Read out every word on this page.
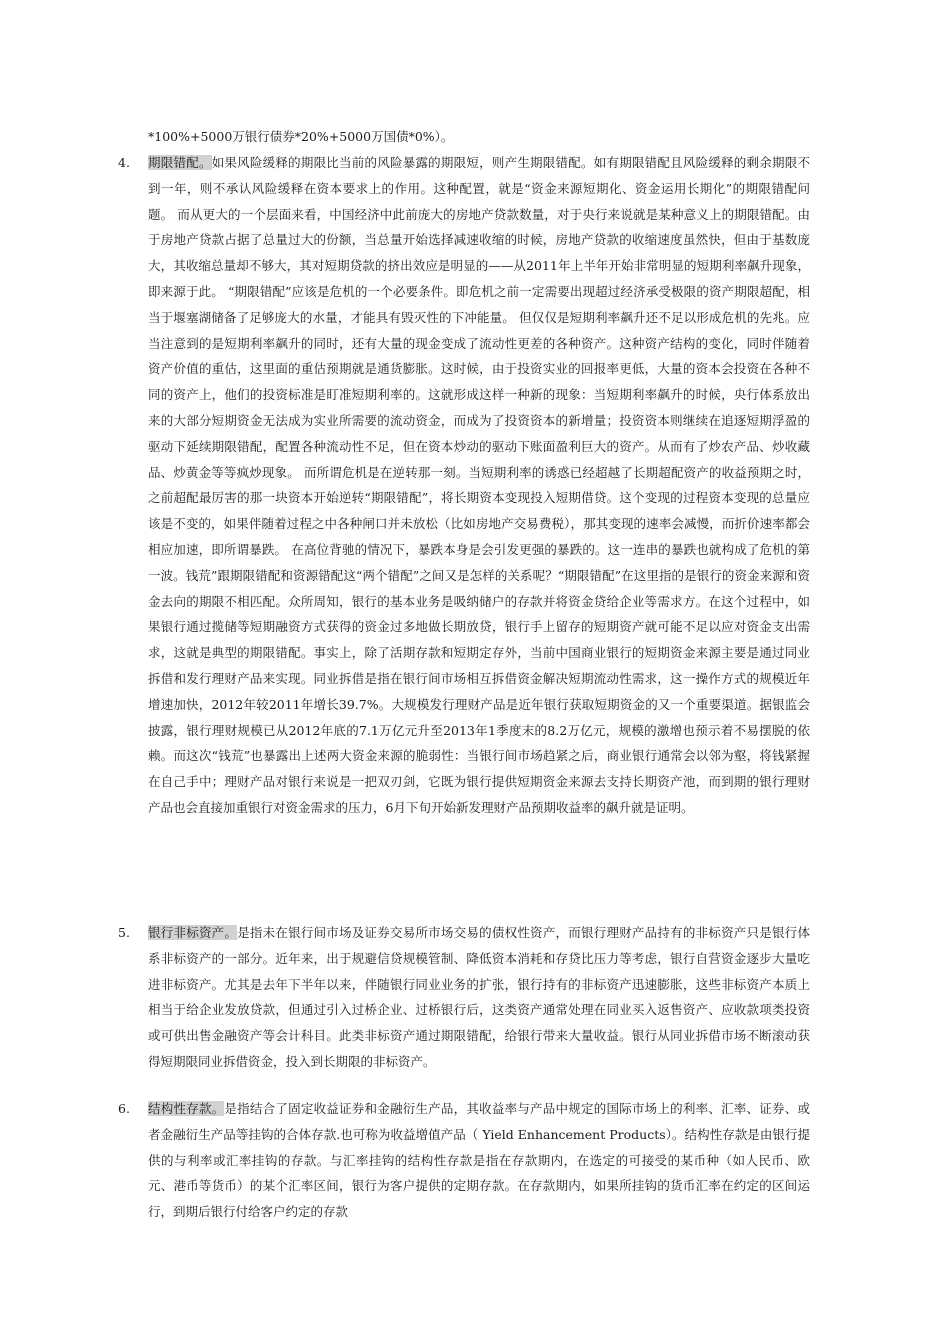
*100%+5000万银行债券*20%+5000万国债*0%）。
4. 期限错配。如果风险缓释的期限比当前的风险暴露的期限短，则产生期限错配。如有期限错配且风险缓释的剩余期限不到一年，则不承认风险缓释在资本要求上的作用。这种配置，就是“资金来源短期化、资金运用长期化”的期限错配问题。 而从更大的一个层面来看，中国经济中此前庞大的房地产贷款数量，对于央行来说就是某种意义上的期限错配。由于房地产贷款占据了总量过大的份额，当总量开始选择减速收缩的时候，房地产贷款的收缩速度虽然快，但由于基数庞大，其收缩总量却不够大，其对短期贷款的挤出效应是明显的——从2011年上半年开始非常明显的短期利率飙升现象，即来源于此。 “期限错配”应该是危机的一个必要条件。即危机之前一定需要出现超过经济承受极限的资产期限超配，相当于堰塞湖储备了足够庞大的水量，才能具有毁灭性的下冲能量。 但仅仅是短期利率飙升还不足以形成危机的先兆。应当注意到的是短期利率飙升的同时，还有大量的现金变成了流动性更差的各种资产。这种资产结构的变化，同时伴随着资产价值的重估，这里面的重估预期就是通货膨胀。这时候，由于投资实业的回报率更低，大量的资本会投资在各种不同的资产上，他们的投资标准是盯准短期利率的。这就形成这样一种新的现象：当短期利率飙升的时候，央行体系放出来的大部分短期资金无法成为实业所需要的流动资金，而成为了投资资本的新增量；投资资本则继续在追逐短期浮盈的驱动下延续期限错配，配置各种流动性不足，但在资本炒动的驱动下账面盈利巨大的资产。从而有了炒农产品、炒收藏品、炒黄金等等疯炒现象。 而所谓危机是在逆转那一刻。当短期利率的诱惑已经超越了长期超配资产的收益预期之时，之前超配最厉害的那一块资本开始逆转“期限错配”，将长期资本变现投入短期借贷。这个变现的过程资本变现的总量应该是不变的，如果伴随着过程之中各种闸口并未放松（比如房地产交易费税），那其变现的速率会减慢，而折价速率都会相应加速，即所谓暴跌。 在高位背驰的情况下，暴跌本身是会引发更强的暴跌的。这一连串的暴跌也就构成了危机的第一波。钱荒”跟期限错配和资源错配这“两个错配”之间又是怎样的关系呢？“期限错配”在这里指的是银行的资金来源和资金去向的期限不相匹配。众所周知，银行的基本业务是吸纳储户的存款并将资金贷给企业等需求方。在这个过程中，如果银行通过揽储等短期融资方式获得的资金过多地做长期放贷，银行手上留存的短期资产就可能不足以应对资金支出需求，这就是典型的期限错配。事实上，除了活期存款和短期定存外，当前中国商业银行的短期资金来源主要是通过同业拆借和发行理财产品来实现。同业拆借是指在银行间市场相互拆借资金解决短期流动性需求，这一操作方式的规模近年增速加快，2012年较2011年增长39.7%。大规模发行理财产品是近年银行获取短期资金的又一个重要渠道。据银监会披露，银行理财规模已从2012年底的7.1万亿元升至2013年1季度末的8.2万亿元，规模的激增也预示着不易摆脱的依赖。而这次“钱荒”也暴露出上述两大资金来源的脆弱性：当银行间市场趋紧之后，商业银行通常会以邻为壑，将钱紧握在自己手中；理财产品对银行来说是一把双刃剑，它既为银行提供短期资金来源去支持长期资产池，而到期的银行理财产品也会直接加重银行对资金需求的压力，6月下旬开始新发理财产品预期收益率的飙升就是证明。
5. 银行非标资产。是指未在银行间市场及证券交易所市场交易的债权性资产，而银行理财产品持有的非标资产只是银行体系非标资产的一部分。近年来，出于规避信贷规模管制、降低资本消耗和存贷比压力等考虑，银行自营资金逐步大量吃进非标资产。尤其是去年下半年以来，伴随银行同业业务的扩张，银行持有的非标资产迅速膨胀，这些非标资产本质上相当于给企业发放贷款，但通过引入过桥企业、过桥银行后，这类资产通常处理在同业买入返售资产、应收款项类投资或可供出售金融资产等会计科目。此类非标资产通过期限错配，给银行带来大量收益。银行从同业拆借市场不断滚动获得短期限同业拆借资金，投入到长期限的非标资产。
6. 结构性存款。是指结合了固定收益证券和金融衍生产品，其收益率与产品中规定的国际市场上的利率、汇率、证券、或者金融衍生产品等挂钩的合体存款.也可称为收益增值产品（ Yield Enhancement Products）。结构性存款是由银行提供的与利率或汇率挂钩的存款。与汇率挂钩的结构性存款是指在存款期内，在选定的可接受的某币种（如人民币、欧元、港币等货币）的某个汇率区间，银行为客户提供的定期存款。在存款期内，如果所挂钩的货币汇率在约定的区间运行，到期后银行付给客户约定的存款
